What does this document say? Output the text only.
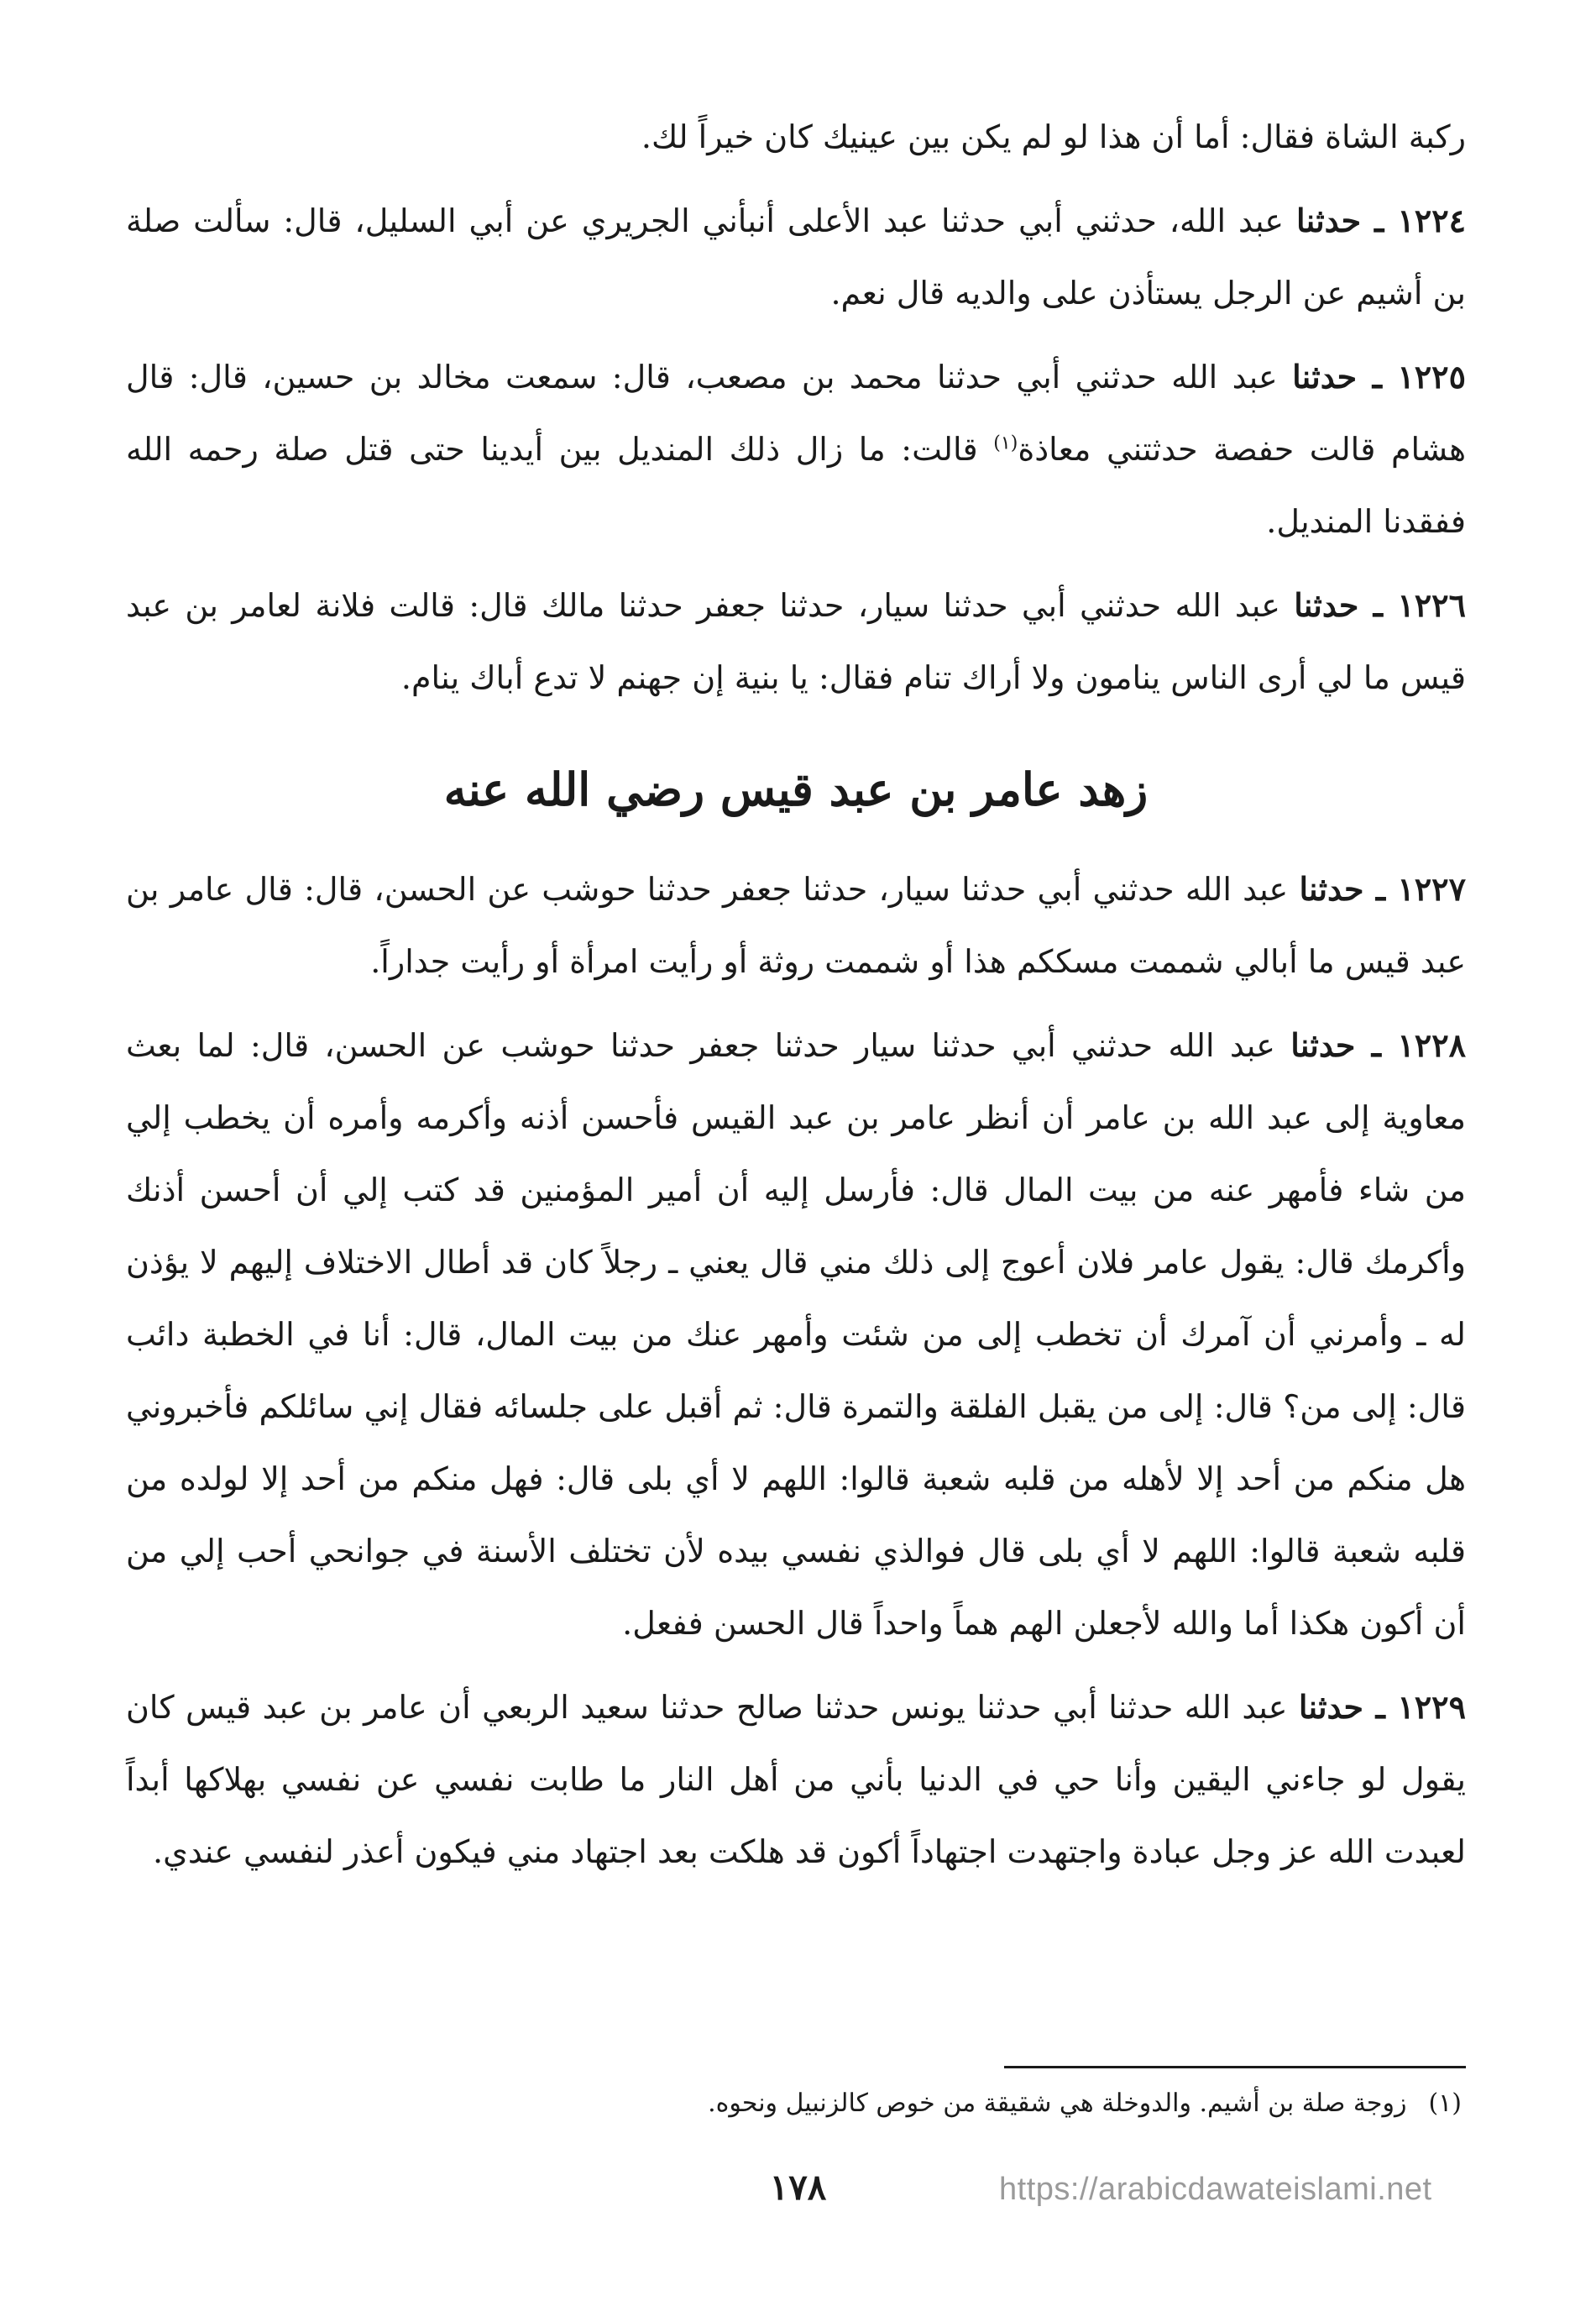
ركبة الشاة فقال: أما أن هذا لو لم يكن بين عينيك كان خيراً لك.

١٢٢٤ ـ حدثنا عبد الله، حدثني أبي حدثنا عبد الأعلى أنبأني الجريري عن أبي السليل، قال: سألت صلة بن أشيم عن الرجل يستأذن على والديه قال نعم.

١٢٢٥ ـ حدثنا عبد الله حدثني أبي حدثنا محمد بن مصعب، قال: سمعت مخالد بن حسين، قال: قال هشام قالت حفصة حدثتني معاذة$^{(١)}$ قالت: ما زال ذلك المنديل بين أيدينا حتى قتل صلة رحمه الله ففقدنا المنديل.

١٢٢٦ ـ حدثنا عبد الله حدثني أبي حدثنا سيار، حدثنا جعفر حدثنا مالك قال: قالت فلانة لعامر بن عبد قيس ما لي أرى الناس ينامون ولا أراك تنام فقال: يا بنية إن جهنم لا تدع أباك ينام.

زهد عامر بن عبد قيس رضي الله عنه

١٢٢٧ ـ حدثنا عبد الله حدثني أبي حدثنا سيار، حدثنا جعفر حدثنا حوشب عن الحسن، قال: قال عامر بن عبد قيس ما أبالي شممت مسككم هذا أو شممت روثة أو رأيت امرأة أو رأيت جداراً.

١٢٢٨ ـ حدثنا عبد الله حدثني أبي حدثنا سيار حدثنا جعفر حدثنا حوشب عن الحسن، قال: لما بعث معاوية إلى عبد الله بن عامر أن أنظر عامر بن عبد القيس فأحسن أذنه وأكرمه وأمره أن يخطب إلي من شاء فأمهر عنه من بيت المال قال: فأرسل إليه أن أمير المؤمنين قد كتب إلي أن أحسن أذنك وأكرمك قال: يقول عامر فلان أعوج إلى ذلك مني قال يعني ـ رجلاً كان قد أطال الاختلاف إليهم لا يؤذن له ـ وأمرني أن آمرك أن تخطب إلى من شئت وأمهر عنك من بيت المال، قال: أنا في الخطبة دائب قال: إلى من؟ قال: إلى من يقبل الفلقة والتمرة قال: ثم أقبل على جلسائه فقال إني سائلكم فأخبروني هل منكم من أحد إلا لأهله من قلبه شعبة قالوا: اللهم لا أي بلى قال: فهل منكم من أحد إلا لولده من قلبه شعبة قالوا: اللهم لا أي بلى قال فوالذي نفسي بيده لأن تختلف الأسنة في جوانحي أحب إلي من أن أكون هكذا أما والله لأجعلن الهم هماً واحداً قال الحسن ففعل.

١٢٢٩ ـ حدثنا عبد الله حدثنا أبي حدثنا يونس حدثنا صالح حدثنا سعيد الربعي أن عامر بن عبد قيس كان يقول لو جاءني اليقين وأنا حي في الدنيا بأني من أهل النار ما طابت نفسي عن نفسي بهلاكها أبداً لعبدت الله عز وجل عبادة واجتهدت اجتهاداً أكون قد هلكت بعد اجتهاد مني فيكون أعذر لنفسي عندي.

(١)زوجة صلة بن أشيم. والدوخلة هي شقيقة من خوص كالزنبيل ونحوه.
١٧٨	https://arabicdawateislami.net
